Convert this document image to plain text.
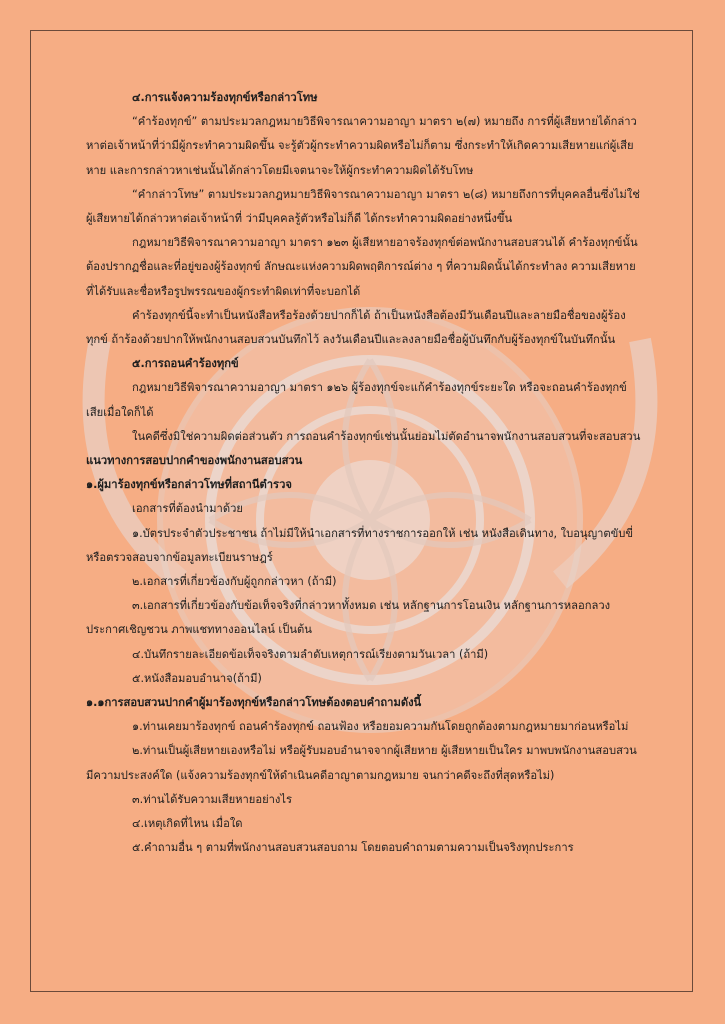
๔.การแจ้งความร้องทุกข์หรือกล่าวโทษ

“คำร้องทุกข์” ตามประมวลกฎหมายวิธีพิจารณาความอาญา มาตรา ๒(๗) หมายถึง การที่ผู้เสียหายได้กล่าวหาต่อเจ้าหน้าที่ว่ามีผู้กระทำความผิดขึ้น จะรู้ตัวผู้กระทำความผิดหรือไม่ก็ตาม ซึ่งกระทำให้เกิดความเสียหายแก่ผู้เสียหาย และการกล่าวหาเช่นนั้นได้กล่าวโดยมีเจตนาจะให้ผู้กระทำความผิดได้รับโทษ

“คำกล่าวโทษ” ตามประมวลกฎหมายวิธีพิจารณาความอาญา มาตรา ๒(๘) หมายถึงการที่บุคคลอื่นซึ่งไม่ใช่ผู้เสียหายได้กล่าวหาต่อเจ้าหน้าที่ ว่ามีบุคคลรู้ตัวหรือไม่ก็ดี ได้กระทำความผิดอย่างหนึ่งขึ้น

กฎหมายวิธีพิจารณาความอาญา มาตรา ๑๒๓ ผู้เสียหายอาจร้องทุกข์ต่อพนักงานสอบสวนได้ คำร้องทุกข์นั้นต้องปรากฏชื่อและที่อยู่ของผู้ร้องทุกข์ ลักษณะแห่งความผิดพฤติการณ์ต่าง ๆ ที่ความผิดนั้นได้กระทำลง ความเสียหายที่ได้รับและชื่อหรือรูปพรรณของผู้กระทำผิดเท่าที่จะบอกได้

คำร้องทุกข์นี้จะทำเป็นหนังสือหรือร้องด้วยปากก็ได้ ถ้าเป็นหนังสือต้องมีวันเดือนปีและลายมือชื่อของผู้ร้องทุกข์ ถ้าร้องด้วยปากให้พนักงานสอบสวนบันทึกไว้ ลงวันเดือนปีและลงลายมือชื่อผู้บันทึกกับผู้ร้องทุกข์ในบันทึกนั้น

๕.การถอนคำร้องทุกข์

กฎหมายวิธีพิจารณาความอาญา มาตรา ๑๒๖ ผู้ร้องทุกข์จะแก้คำร้องทุกข์ระยะใด หรือจะถอนคำร้องทุกข์เสียเมื่อใดก็ได้

ในคดีซึ่งมิใช่ความผิดต่อส่วนตัว การถอนคำร้องทุกข์เช่นนั้นย่อมไม่ตัดอำนาจพนักงานสอบสวนที่จะสอบสวน

แนวทางการสอบปากคำของพนักงานสอบสวน

๑.ผู้มาร้องทุกข์หรือกล่าวโทษที่สถานีตำรวจ

เอกสารที่ต้องนำมาด้วย

๑.บัตรประจำตัวประชาชน ถ้าไม่มีให้นำเอกสารที่ทางราชการออกให้ เช่น หนังสือเดินทาง, ใบอนุญาตขับขี่ หรือตรวจสอบจากข้อมูลทะเบียนราษฎร์

๒.เอกสารที่เกี่ยวข้องกับผู้ถูกกล่าวหา (ถ้ามี)

๓.เอกสารที่เกี่ยวข้องกับข้อเท็จจริงที่กล่าวหาทั้งหมด เช่น หลักฐานการโอนเงิน หลักฐานการหลอกลวง ประกาศเชิญชวน ภาพแชททางออนไลน์ เป็นต้น

๔.บันทึกรายละเอียดข้อเท็จจริงตามลำดับเหตุการณ์เรียงตามวันเวลา (ถ้ามี)

๕.หนังสือมอบอำนาจ(ถ้ามี)

๑.๑การสอบสวนปากคำผู้มาร้องทุกข์หรือกล่าวโทษต้องตอบคำถามดังนี้

๑.ท่านเคยมาร้องทุกข์ ถอนคำร้องทุกข์ ถอนฟ้อง หรือยอมความกันโดยถูกต้องตามกฎหมายมาก่อนหรือไม่

๒.ท่านเป็นผู้เสียหายเองหรือไม่ หรือผู้รับมอบอำนาจจากผู้เสียหาย ผู้เสียหายเป็นใคร มาพบพนักงานสอบสวนมีความประสงค์ใด (แจ้งความร้องทุกข์ให้ดำเนินคดีอาญาตามกฎหมาย จนกว่าคดีจะถึงที่สุดหรือไม่)

๓.ท่านได้รับความเสียหายอย่างไร

๔.เหตุเกิดที่ไหน เมื่อใด

๕.คำถามอื่น ๆ ตามที่พนักงานสอบสวนสอบถาม โดยตอบคำถามตามความเป็นจริงทุกประการ
